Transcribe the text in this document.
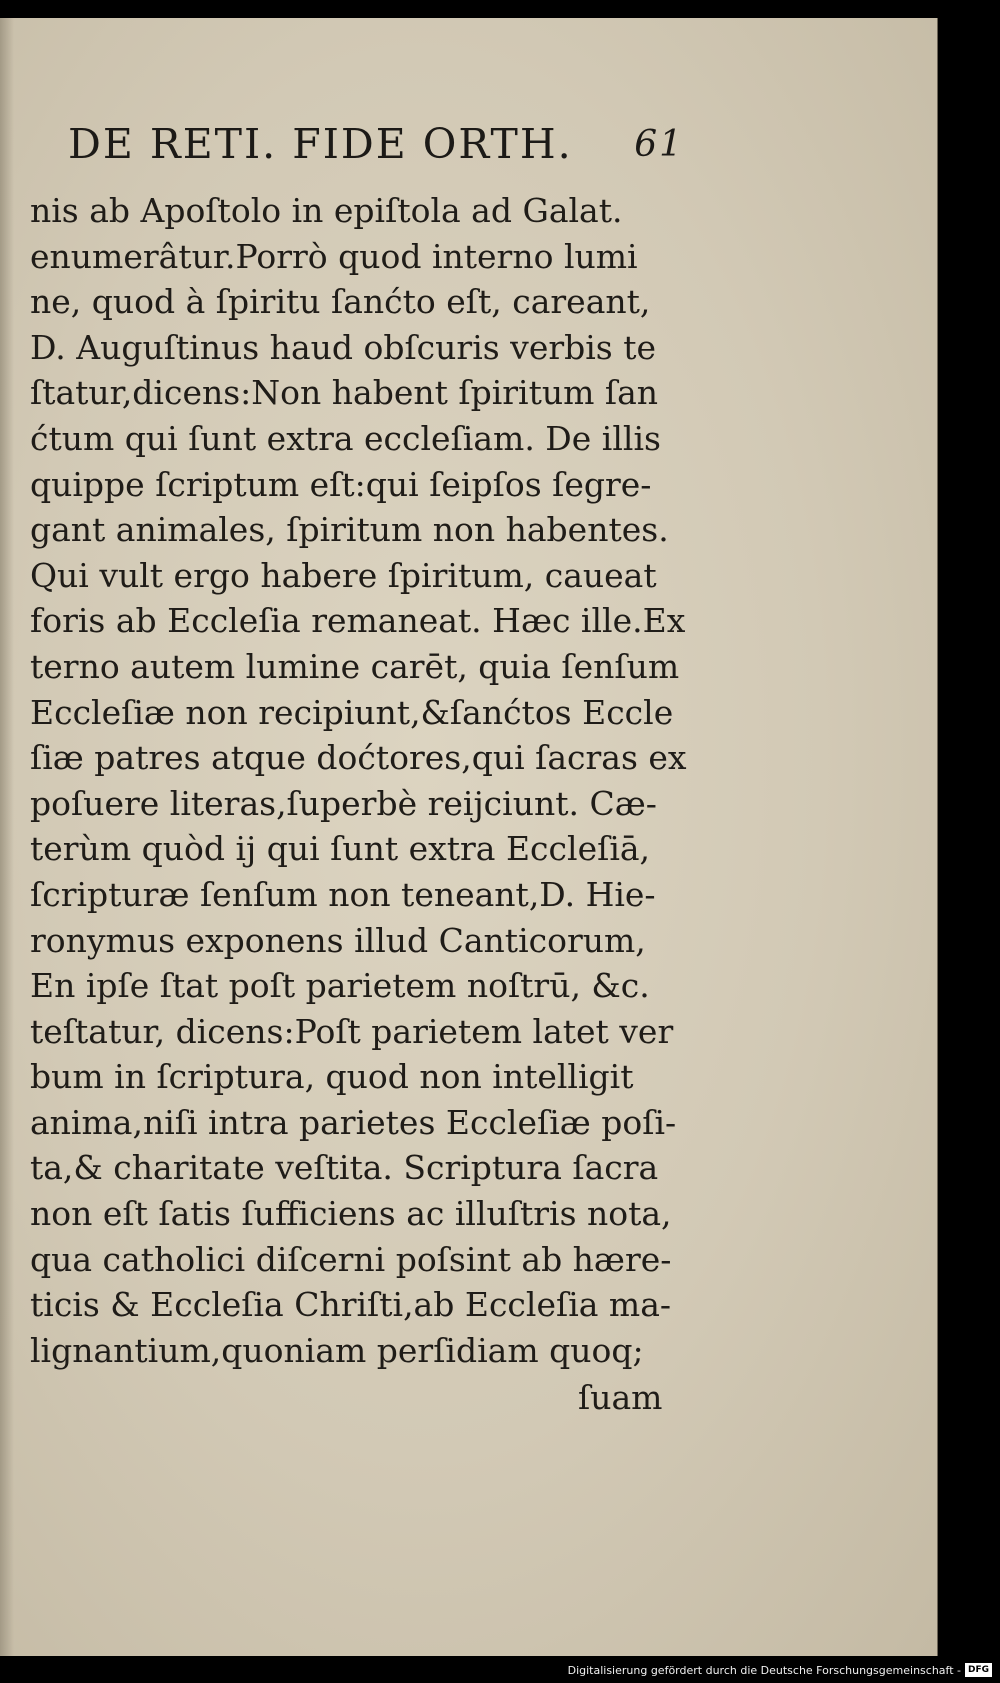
DE RETI. FIDE ORTH. 61
nis ab Apoſtolo in epiſtola ad Galat.
enumerâtur.Porrò quod interno lumi
ne, quod à ſpiritu ſanćto eſt, careant,
D. Auguſtinus haud obſcuris verbis te
ſtatur,dicens:Non habent ſpiritum ſan
ćtum qui ſunt extra eccleſiam. De illis
quippe ſcriptum eſt:qui ſeipſos ſegre-
gant animales, ſpiritum non habentes.
Qui vult ergo habere ſpiritum, caueat
foris ab Eccleſia remaneat. Hæc ille.Ex
terno autem lumine carēt, quia ſenſum
Eccleſiæ non recipiunt,&ſanćtos Eccle
ſiæ patres atque doćtores,qui ſacras ex
poſuere literas,ſuperbè reijciunt. Cæ-
terùm quòd ij qui ſunt extra Eccleſiā,
ſcripturæ ſenſum non teneant,D. Hie-
ronymus exponens illud Canticorum,
En ipſe ſtat poſt parietem noſtrū, &c.
teſtatur, dicens:Poſt parietem latet ver
bum in ſcriptura, quod non intelligit
anima,niſi intra parietes Eccleſiæ poſi-
ta,& charitate veſtita. Scriptura ſacra
non eſt ſatis ſufficiens ac illuſtris nota,
qua catholici diſcerni poſsint ab hære-
ticis & Eccleſia Chriſti,ab Eccleſia ma-
lignantium,quoniam perſidiam quoq;
ſuam
Digitalisierung gefördert durch die Deutsche Forschungsgemeinschaft - DFG
